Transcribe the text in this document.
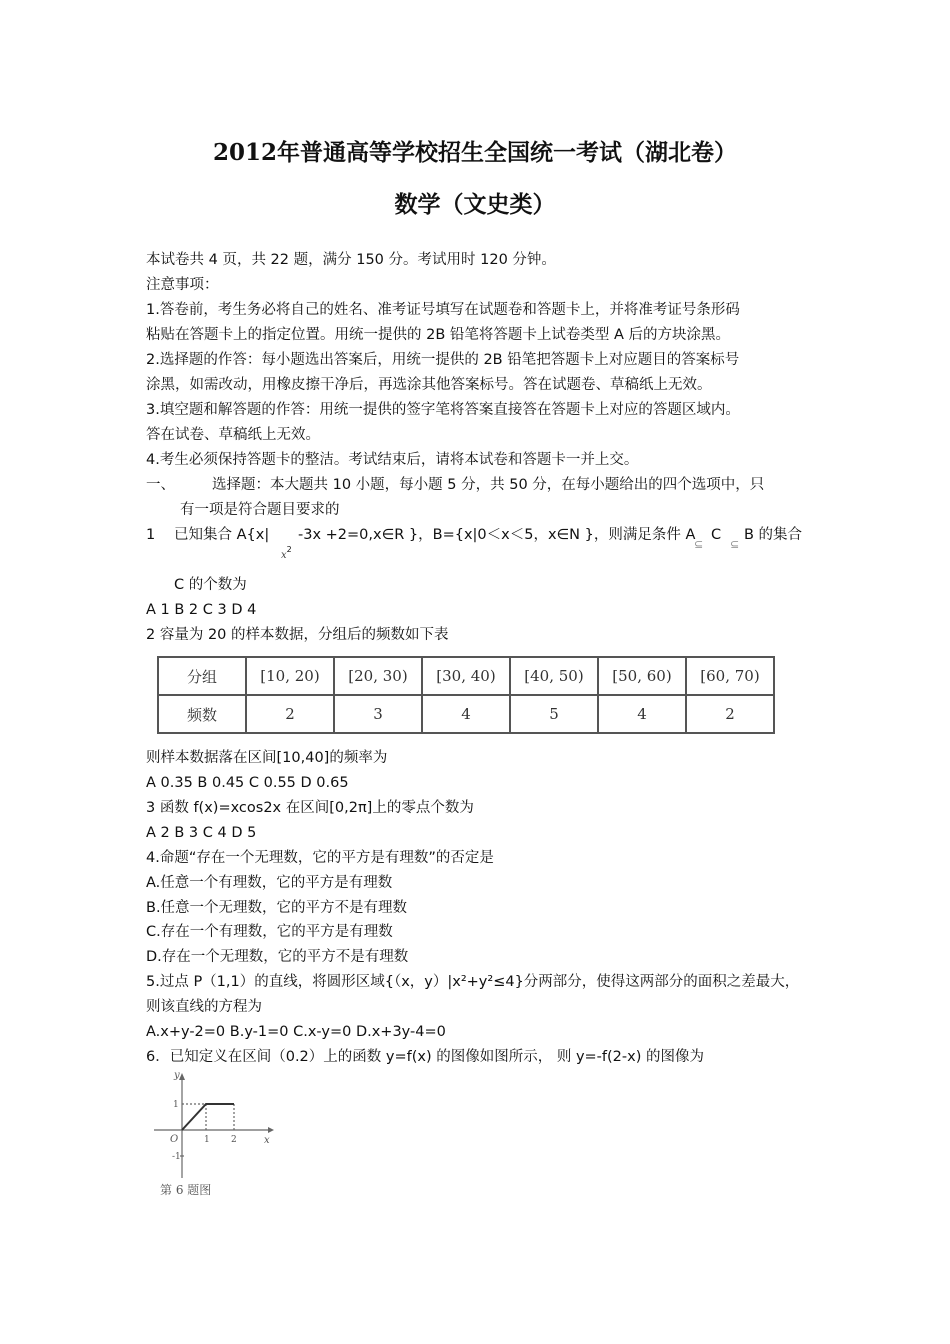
2012年普通高等学校招生全国统一考试（湖北卷）
数学（文史类）
本试卷共 4 页，共 22 题，满分 150 分。考试用时 120 分钟。
注意事项：
1.答卷前，考生务必将自己的姓名、准考证号填写在试题卷和答题卡上，并将准考证号条形码
粘贴在答题卡上的指定位置。用统一提供的 2B 铅笔将答题卡上试卷类型 A 后的方块涂黑。
2.选择题的作答：每小题选出答案后，用统一提供的 2B 铅笔把答题卡上对应题目的答案标号
涂黑，如需改动，用橡皮擦干净后，再选涂其他答案标号。答在试题卷、草稿纸上无效。
3.填空题和解答题的作答：用统一提供的签字笔将答案直接答在答题卡上对应的答题区域内。
答在试卷、草稿纸上无效。
4.考生必须保持答题卡的整洁。考试结束后，请将本试卷和答题卡一并上交。
一、	选择题：本大题共 10 小题，每小题 5 分，共 50 分，在每小题给出的四个选项中，只
有一项是符合题目要求的
1 已知集合 A{x|
$x^2$
-3x +2=0,x∈R }，B={x|0＜x＜5，x∈N }，则满足条件 A
⊆
C
⊆
B 的集合
C 的个数为
A 1 B 2 C 3 D 4
2 容量为 20 的样本数据，分组后的频数如下表
分组	[10, 20)	[20, 30)	[30, 40)	[40, 50)	[50, 60)	[60, 70)
频数	2	3	4	5	4	2
则样本数据落在区间[10,40]的频率为
A 0.35 B 0.45 C 0.55 D 0.65
3 函数 f(x)=xcos2x 在区间[0,2π]上的零点个数为
A 2 B 3 C 4 D 5
4.命题“存在一个无理数，它的平方是有理数”的否定是
A.任意一个有理数，它的平方是有理数
B.任意一个无理数，它的平方不是有理数
C.存在一个有理数，它的平方是有理数
D.存在一个无理数，它的平方不是有理数
5.过点 P（1,1）的直线，将圆形区域{（x，y）|x²+y²≤4}分两部分，使得这两部分的面积之差最大，
则该直线的方程为
A.x+y-2=0 B.y-1=0 C.x-y=0 D.x+3y-4=0
6．已知定义在区间（0.2）上的函数 y=f(x) 的图像如图所示， 则 y=-f(2-x) 的图像为
y
x
O
1
-1
1 2
第 6 题图
